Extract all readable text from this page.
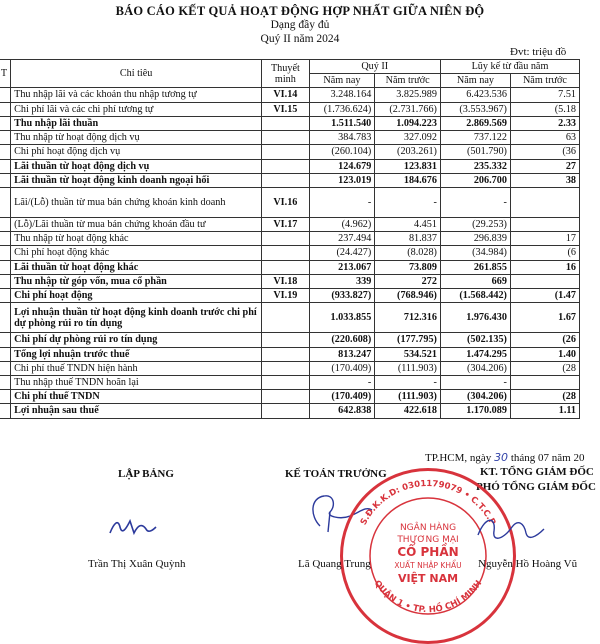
BÁO CÁO KẾT QUẢ HOẠT ĐỘNG HỢP NHẤT GIỮA NIÊN ĐỘ
Dạng đầy đủ
Quý II năm 2024
Đvt: triệu đồ
T	Chỉ tiêu	Thuyết minh	Quý II		Lũy kế từ đầu năm	
			Năm nay	Năm trước	Năm nay	Năm trước
	Thu nhập lãi và các khoản thu nhập tương tự	VI.14	3.248.164	3.825.989	6.423.536	7.51
	Chi phí lãi và các chi phí tương tự	VI.15	(1.736.624)	(2.731.766)	(3.553.967)	(5.18
	Thu nhập lãi thuần		1.511.540	1.094.223	2.869.569	2.33
	Thu nhập từ hoạt động dịch vụ		384.783	327.092	737.122	63
	Chi phí hoạt động dịch vụ		(260.104)	(203.261)	(501.790)	(36
	Lãi thuần từ hoạt động dịch vụ		124.679	123.831	235.332	27
	Lãi thuần từ hoạt động kinh doanh ngoại hối		123.019	184.676	206.700	38
	Lãi/(Lỗ) thuần từ mua bán chứng khoán kinh doanh	VI.16	-	-	-	
	(Lỗ)/Lãi thuần từ mua bán chứng khoán đầu tư	VI.17	(4.962)	4.451	(29.253)	
	Thu nhập từ hoạt động khác		237.494	81.837	296.839	17
	Chi phí hoạt động khác		(24.427)	(8.028)	(34.984)	(6
	Lãi thuần từ hoạt động khác		213.067	73.809	261.855	16
	Thu nhập từ góp vốn, mua cổ phần	VI.18	339	272	669	
	Chi phí hoạt động	VI.19	(933.827)	(768.946)	(1.568.442)	(1.47
	Lợi nhuận thuần từ hoạt động kinh doanh trước chi phí dự phòng rủi ro tín dụng		1.033.855	712.316	1.976.430	1.67
	Chi phí dự phòng rủi ro tín dụng		(220.608)	(177.795)	(502.135)	(26
	Tổng lợi nhuận trước thuế		813.247	534.521	1.474.295	1.40
	Chi phí thuế TNDN hiện hành		(170.409)	(111.903)	(304.206)	(28
	Thu nhập thuế TNDN hoãn lại		-	-	-	
	Chi phí thuế TNDN		(170.409)	(111.903)	(304.206)	(28
	Lợi nhuận sau thuế		642.838	422.618	1.170.089	1.11
TP.HCM, ngày 30 tháng 07 năm 20
LẬP BẢNG	KẾ TOÁN TRƯỞNG	KT. TỔNG GIÁM ĐỐC
PHÓ TỔNG GIÁM ĐỐC
S.Đ.K.K.D: 0301179079 • C.T.C.P
QUẬN 1 • TP. HỒ CHÍ MINH
NGÂN HÀNG
THƯƠNG MẠI
CỔ PHẦN
XUẤT NHẬP KHẨU
VIỆT NAM
Trần Thị Xuân Quỳnh	Lã Quang Trung	Nguyễn Hồ Hoàng Vũ
